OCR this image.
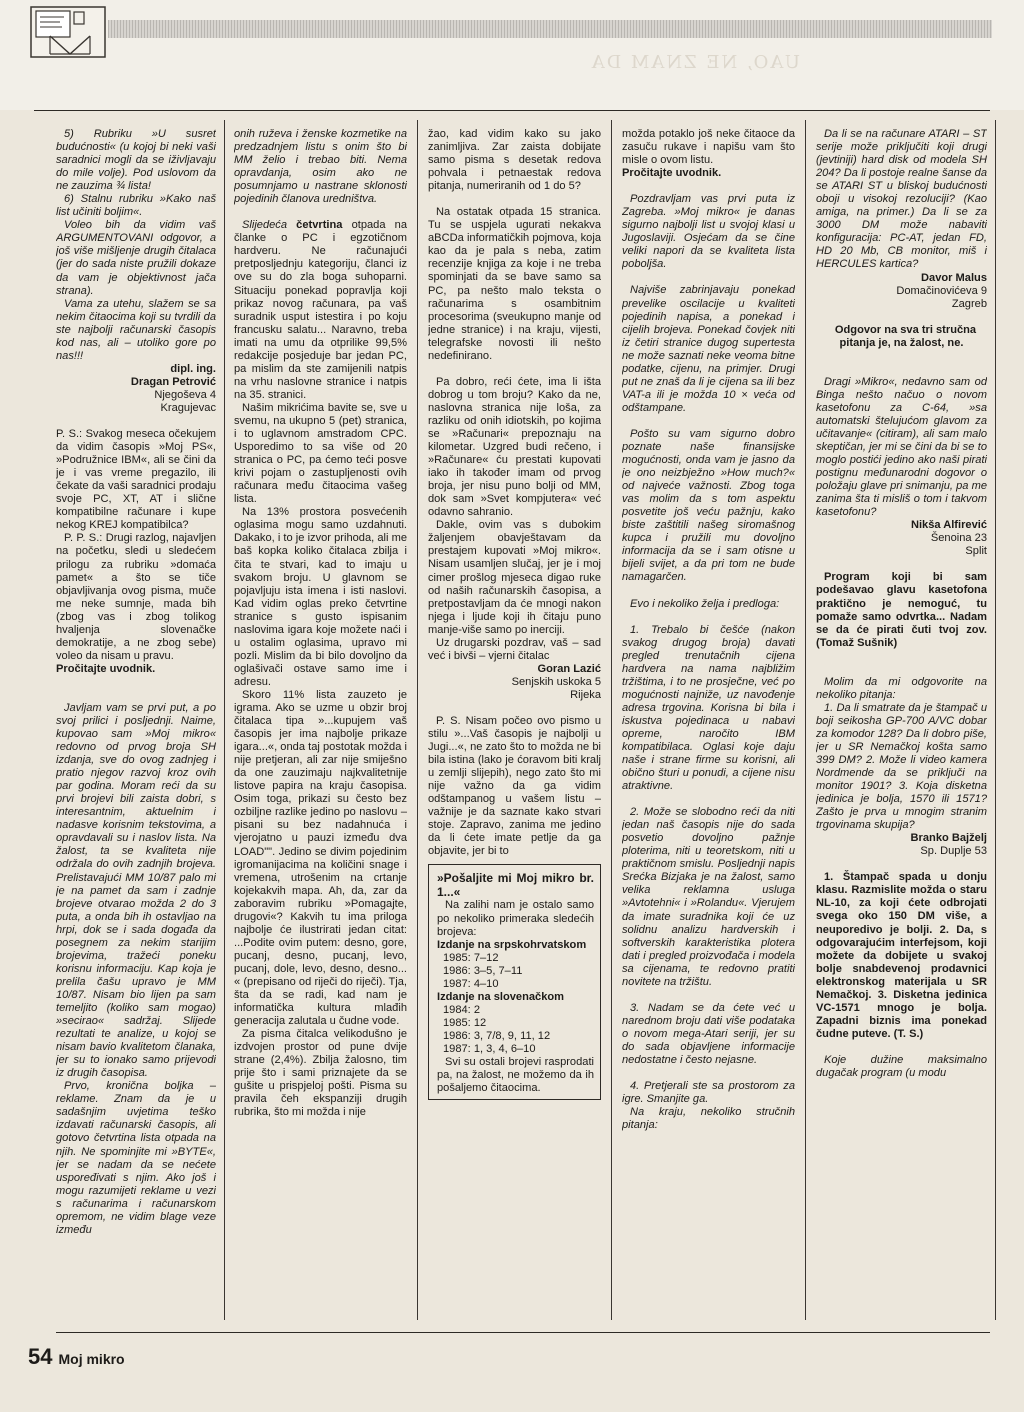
UAO, NE ZNAM DA

5) Rubriku »U susret budućnosti« (u kojoj bi neki vaši saradnici mogli da se iživljavaju do mile volje). Pod uslovom da ne zauzima ¾ lista!

6) Stalnu rubriku »Kako naš list učiniti boljim«.

Voleo bih da vidim vaš ARGUMENTOVANI odgovor, a još više mišljenje drugih čitalaca (jer do sada niste pružili dokaze da vam je objektivnost jača strana).

Vama za utehu, slažem se sa nekim čitaocima koji su tvrdili da ste najbolji računarski časopis kod nas, ali – utoliko gore po nas!!!

dipl. ing.

Dragan Petrović

Njegoševa 4

Kragujevac

P. S.: Svakog meseca očekujem da vidim časopis »Moj PS«, »Podružnice IBM«, ali se čini da je i vas vreme pregazilo, ili čekate da vaši saradnici prodaju svoje PC, XT, AT i slične kompatibilne računare i kupe nekog KREJ kompatibilca?

P. P. S.: Drugi razlog, najavljen na početku, sledi u sledećem prilogu za rubriku »domaća pamet« a što se tiče objavljivanja ovog pisma, muče me neke sumnje, mada bih (zbog vas i zbog tolikog hvaljenja slovenačke demokratije, a ne zbog sebe) voleo da nisam u pravu.

Pročitajte uvodnik.

Javljam vam se prvi put, a po svoj prilici i posljednji. Naime, kupovao sam »Moj mikro« redovno od prvog broja SH izdanja, sve do ovog zadnjeg i pratio njegov razvoj kroz ovih par godina. Moram reći da su prvi brojevi bili zaista dobri, s interesantnim, aktuelnim i nadasve korisnim tekstovima, a opravdavali su i naslov lista. Na žalost, ta se kvaliteta nije održala do ovih zadnjih brojeva. Prelistavajući MM 10/87 palo mi je na pamet da sam i zadnje brojeve otvarao možda 2 do 3 puta, a onda bih ih ostavljao na hrpi, dok se i sada događa da posegnem za nekim starijim brojevima, tražeći poneku korisnu informaciju. Kap koja je prelila čašu upravo je MM 10/87. Nisam bio lijen pa sam temeljito (koliko sam mogao) »secirao« sadržaj. Slijede rezultati te analize, u kojoj se nisam bavio kvalitetom članaka, jer su to ionako samo prijevodi iz drugih časopisa.

Prvo, kronična boljka – reklame. Znam da je u sadašnjim uvjetima teško izdavati računarski časopis, ali gotovo četvrtina lista otpada na njih. Ne spominjite mi »BYTE«, jer se nadam da se nećete uspoređivati s njim. Ako još i mogu razumijeti reklame u vezi s računarima i računarskom opremom, ne vidim blage veze između

onih ruževa i ženske kozmetike na predzadnjem listu s onim što bi MM želio i trebao biti. Nema opravdanja, osim ako ne posumnjamo u nastrane sklonosti pojedinih članova uredništva.

Slijedeća četvrtina otpada na članke o PC i egzotičnom hardveru. Ne računajući pretposljednju kategoriju, članci iz ove su do zla boga suhoparni. Situaciju ponekad popravlja koji prikaz novog računara, pa vaš suradnik usput istestira i po koju francusku salatu... Naravno, treba imati na umu da otprilike 99,5% redakcije posjeduje bar jedan PC, pa mislim da ste zamijenili natpis na vrhu naslovne stranice i natpis na 35. stranici.

Našim mikrićima bavite se, sve u svemu, na ukupno 5 (pet) stranica, i to uglavnom amstradom CPC. Usporedimo to sa više od 20 stranica o PC, pa ćemo teći posve krivi pojam o zastupljenosti ovih računara među čitaocima vašeg lista.

Na 13% prostora posvećenih oglasima mogu samo uzdahnuti. Dakako, i to je izvor prihoda, ali me baš kopka koliko čitalaca zbilja i čita te stvari, kad to imaju u svakom broju. U glavnom se pojavljuju ista imena i isti naslovi. Kad vidim oglas preko četvrtine stranice s gusto ispisanim naslovima igara koje možete naći i u ostalim oglasima, upravo mi pozli. Mislim da bi bilo dovoljno da oglašivači ostave samo ime i adresu.

Skoro 11% lista zauzeto je igrama. Ako se uzme u obzir broj čitalaca tipa »...kupujem vaš časopis jer ima najbolje prikaze igara...«, onda taj postotak možda i nije pretjeran, ali zar nije smiješno da one zauzimaju najkvalitetnije listove papira na kraju časopisa. Osim toga, prikazi su često bez ozbiljne razlike jedino po naslovu – pisani su bez nadahnuća i vjerojatno u pauzi između dva LOAD"". Jedino se divim pojedinim igromanijacima na količini snage i vremena, utrošenim na crtanje kojekakvih mapa. Ah, da, zar da zaboravim rubriku »Pomagajte, drugovi«? Kakvih tu ima priloga najbolje će ilustrirati jedan citat: ...Podite ovim putem: desno, gore, pucanj, desno, pucanj, levo, pucanj, dole, levo, desno, desno... « (prepisano od riječi do riječi). Tja, šta da se radi, kad nam je informatička kultura mlađih generacija zalutala u čudne vode.

Za pisma čitalca velikodušno je izdvojen prostor od pune dvije strane (2,4%). Zbilja žalosno, tim prije što i sami priznajete da se gušite u prispjeloj pošti. Pisma su pravila čeh ekspanziji drugih rubrika, što mi možda i nije

žao, kad vidim kako su jako zanimljiva. Zar zaista dobijate samo pisma s desetak redova pohvala i petnaestak redova pitanja, numeriranih od 1 do 5?

Na ostatak otpada 15 stranica. Tu se uspjela ugurati nekakva aBCDa informatičkih pojmova, koja kao da je pala s neba, zatim recenzije knjiga za koje i ne treba spominjati da se bave samo sa PC, pa nešto malo teksta o računarima s osambitnim procesorima (sveukupno manje od jedne stranice) i na kraju, vijesti, telegrafske novosti ili nešto nedefinirano.

Pa dobro, reći ćete, ima li išta dobrog u tom broju? Kako da ne, naslovna stranica nije loša, za razliku od onih idiotskih, po kojima se »Računari« prepoznaju na kilometar. Uzgred budi rečeno, i »Računare« ću prestati kupovati iako ih također imam od prvog broja, jer nisu puno bolji od MM, dok sam »Svet kompjutera« već odavno sahranio.

Dakle, ovim vas s dubokim žaljenjem obavještavam da prestajem kupovati »Moj mikro«. Nisam usamljen slučaj, jer je i moj cimer prošlog mjeseca digao ruke od naših računarskih časopisa, a pretpostavljam da će mnogi nakon njega i ljude koji ih čitaju puno manje-više samo po inerciji.

Uz drugarski pozdrav, vaš – sad već i bivši – vjerni čitalac

Goran Lazić

Senjskih uskoka 5

Rijeka

P. S. Nisam počeo ovo pismo u stilu »...Vaš časopis je najbolji u Jugi...«, ne zato što to možda ne bi bila istina (lako je ćoravom biti kralj u zemlji slijepih), nego zato što mi nije važno da ga vidim odštampanog u vašem listu – važnije je da saznate kako stvari stoje. Zapravo, zanima me jedino da li ćete imate petlje da ga objavite, jer bi to

»Pošaljite mi Moj mikro br. 1...«

Na zalihi nam je ostalo samo po nekoliko primeraka sledećih brojeva:

Izdanje na srpskohrvatskom

1985: 7–12

1986: 3–5, 7–11

1987: 4–10

Izdanje na slovenačkom

1984: 2

1985: 12

1986: 3, 7/8, 9, 11, 12

1987: 1, 3, 4, 6–10

Svi su ostali brojevi rasprodati pa, na žalost, ne možemo da ih pošaljemo čitaocima.

možda potaklo još neke čitaoce da zasuču rukave i napišu vam što misle o ovom listu.

Pročitajte uvodnik.

Pozdravljam vas prvi puta iz Zagreba. »Moj mikro« je danas sigurno najbolji list u svojoj klasi u Jugoslaviji. Osjećam da se čine veliki napori da se kvaliteta lista poboljša.

Najviše zabrinjavaju ponekad prevelike oscilacije u kvaliteti pojedinih napisa, a ponekad i cijelih brojeva. Ponekad čovjek niti iz četiri stranice dugog supertesta ne može saznati neke veoma bitne podatke, cijenu, na primjer. Drugi put ne znaš da li je cijena sa ili bez VAT-a ili je možda 10 × veća od odštampane.

Pošto su vam sigurno dobro poznate naše finansijske mogućnosti, onda vam je jasno da je ono neizbježno »How much?« od najveće važnosti. Zbog toga vas molim da s tom aspektu posvetite još veću pažnju, kako biste zaštitili našeg siromašnog kupca i pružili mu dovoljno informacija da se i sam otisne u bijeli svijet, a da pri tom ne bude namagarčen.

Evo i nekoliko želja i predloga:

1. Trebalo bi češće (nakon svakog drugog broja) davati pregled trenutačnih cijena hardvera na nama najbližim tržištima, i to ne prosječne, već po mogućnosti najniže, uz navođenje adresa trgovina. Korisna bi bila i iskustva pojedinaca u nabavi opreme, naročito IBM kompatibilaca. Oglasi koje daju naše i strane firme su korisni, ali obično šturi u ponudi, a cijene nisu atraktivne.

2. Može se slobodno reći da niti jedan naš časopis nije do sada posvetio dovoljno pažnje ploterima, niti u teoretskom, niti u praktičnom smislu. Posljednji napis Srećka Bizjaka je na žalost, samo velika reklamna usluga »Avtotehni« i »Rolandu«. Vjerujem da imate suradnika koji će uz solidnu analizu hardverskih i softverskih karakteristika plotera dati i pregled proizvođača i modela sa cijenama, te redovno pratiti novitete na tržištu.

3. Nadam se da ćete već u narednom broju dati više podataka o novom mega-Atari seriji, jer su do sada objavljene informacije nedostatne i često nejasne.

4. Pretjerali ste sa prostorom za igre. Smanjite ga.

Na kraju, nekoliko stručnih pitanja:

Da li se na računare ATARI – ST serije može priključiti koji drugi (jevtiniji) hard disk od modela SH 204? Da li postoje realne šanse da se ATARI ST u bliskoj budućnosti oboji u visokoj rezoluciji? (Kao amiga, na primer.) Da li se za 3000 DM može nabaviti konfiguracija: PC-AT, jedan FD, HD 20 Mb, CB monitor, miš i HERCULES kartica?

Davor Malus

Domačinovićeva 9

Zagreb

Odgovor na sva tri stručna pitanja je, na žalost, ne.

Dragi »Mikro«, nedavno sam od Binga nešto načuo o novom kasetofonu za C-64, »sa automatski štelujućom glavom za učitavanje« (citiram), ali sam malo skeptičan, jer mi se čini da bi se to moglo postići jedino ako naši pirati postignu međunarodni dogovor o položaju glave pri snimanju, pa me zanima šta ti misliš o tom i takvom kasetofonu?

Nikša Alfirević

Šenoina 23

Split

Program koji bi sam podešavao glavu kasetofona praktično je nemoguć, tu pomaže samo odvrtka... Nadam se da će pirati čuti tvoj zov. (Tomaž Sušnik)

Molim da mi odgovorite na nekoliko pitanja:

1. Da li smatrate da je štampač u boji seikosha GP-700 A/VC dobar za komodor 128? Da li dobro piše, jer u SR Nemačkoj košta samo 399 DM? 2. Može li video kamera Nordmende da se priključi na monitor 1901? 3. Koja disketna jedinica je bolja, 1570 ili 1571? Zašto je prva u mnogim stranim trgovinama skupija?

Branko Bajželj

Sp. Duplje 53

1. Štampač spada u donju klasu. Razmislite možda o staru NL-10, za koji ćete odbrojati svega oko 150 DM više, a neuporedivo je bolji. 2. Da, s odgovarajućim interfejsom, koji možete da dobijete u svakoj bolje snabdevenoj prodavnici elektronskog materijala u SR Nemačkoj. 3. Disketna jedinica VC-1571 mnogo je bolja. Zapadni biznis ima ponekad čudne puteve. (T. S.)

Koje dužine maksimalno dugačak program (u modu

54 Moj mikro
